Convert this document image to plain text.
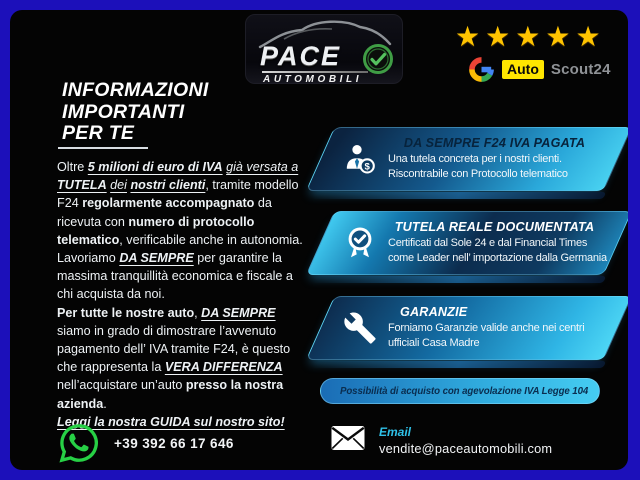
PACE
AUTOMOBILI
★★★★★
Auto Scout24
INFORMAZIONI
IMPORTANTI
PER TE

Oltre 5 milioni di euro di IVA già versata a TUTELA dei nostri clienti, tramite modello F24 regolarmente accompagnato da ricevuta con numero di protocollo telematico, verificabile anche in autonomia. Lavoriamo DA SEMPRE per garantire la massima tranquillità economica e fiscale a chi acquista da noi.

Per tutte le nostre auto, DA SEMPRE siamo in grado di dimostrare l’avvenuto pagamento dell’ IVA tramite F24, è questo che rappresenta la VERA DIFFERENZA nell’acquistare un’auto presso la nostra azienda.

Leggi la nostra GUIDA sul nostro sito!

$
DA SEMPRE F24 IVA PAGATA
Una tutela concreta per i nostri clienti.
Riscontrabile con Protocollo telematico
TUTELA REALE DOCUMENTATA
Certificati dal Sole 24 e dal Financial Times
come Leader nell’ importazione dalla Germania
GARANZIE
Forniamo Garanzie valide anche nei centri
ufficiali Casa Madre
Possibilità di acquisto con agevolazione IVA Legge 104
+39 392 66 17 646
Email
vendite@paceautomobili.com
